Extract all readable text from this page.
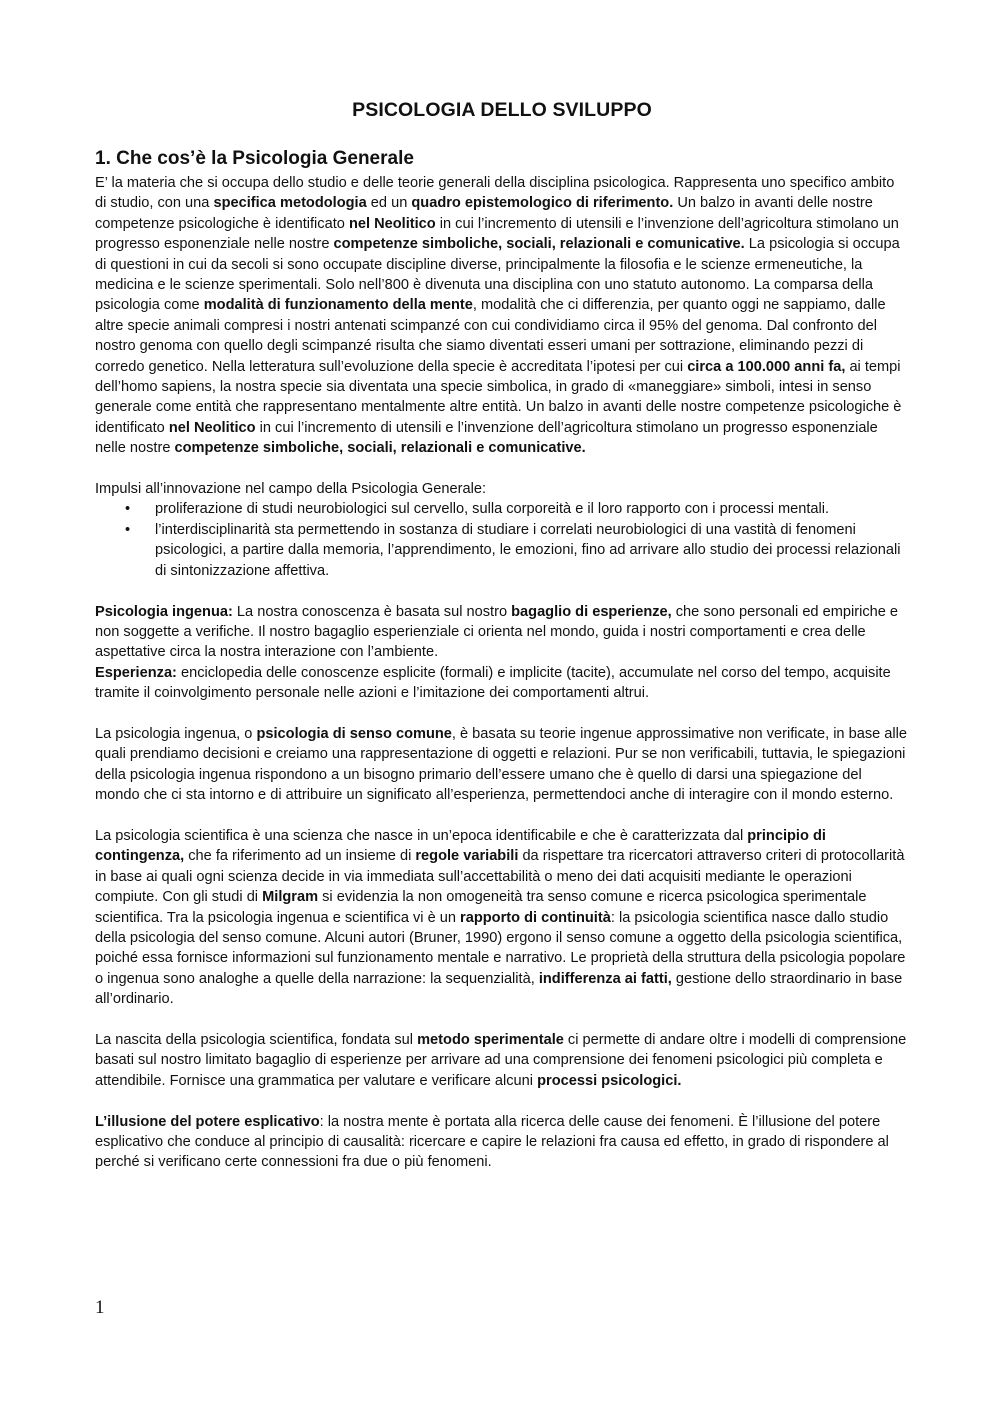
PSICOLOGIA DELLO SVILUPPO
1. Che cos’è la Psicologia Generale

E’ la materia che si occupa dello studio e delle teorie generali della disciplina psicologica. Rappresenta uno specifico ambito di studio, con una specifica metodologia ed un quadro epistemologico di riferimento. Un balzo in avanti delle nostre competenze psicologiche è identificato nel Neolitico in cui l’incremento di utensili e l’invenzione dell’agricoltura stimolano un progresso esponenziale nelle nostre competenze simboliche, sociali, relazionali e comunicative. La psicologia si occupa di questioni in cui da secoli si sono occupate discipline diverse, principalmente la filosofia e le scienze ermeneutiche, la medicina e le scienze sperimentali. Solo nell’800 è divenuta una disciplina con uno statuto autonomo. La comparsa della psicologia come modalità di funzionamento della mente, modalità che ci differenzia, per quanto oggi ne sappiamo, dalle altre specie animali compresi i nostri antenati scimpanzé con cui condividiamo circa il 95% del genoma. Dal confronto del nostro genoma con quello degli scimpanzé risulta che siamo diventati esseri umani per sottrazione, eliminando pezzi di corredo genetico. Nella letteratura sull’evoluzione della specie è accreditata l’ipotesi per cui circa a 100.000 anni fa, ai tempi dell’homo sapiens, la nostra specie sia diventata una specie simbolica, in grado di «maneggiare» simboli, intesi in senso generale come entità che rappresentano mentalmente altre entità. Un balzo in avanti delle nostre competenze psicologiche è identificato nel Neolitico in cui l’incremento di utensili e l’invenzione dell’agricoltura stimolano un progresso esponenziale nelle nostre competenze simboliche, sociali, relazionali e comunicative.

Impulsi all’innovazione nel campo della Psicologia Generale:

• proliferazione di studi neurobiologici sul cervello, sulla corporeità e il loro rapporto con i processi mentali.
• l’interdisciplinarità sta permettendo in sostanza di studiare i correlati neurobiologici di una vastità di fenomeni psicologici, a partire dalla memoria, l’apprendimento, le emozioni, fino ad arrivare allo studio dei processi relazionali di sintonizzazione affettiva.

Psicologia ingenua: La nostra conoscenza è basata sul nostro bagaglio di esperienze, che sono personali ed empiriche e non soggette a verifiche. Il nostro bagaglio esperienziale ci orienta nel mondo, guida i nostri comportamenti e crea delle aspettative circa la nostra interazione con l’ambiente.

Esperienza: enciclopedia delle conoscenze esplicite (formali) e implicite (tacite), accumulate nel corso del tempo, acquisite tramite il coinvolgimento personale nelle azioni e l’imitazione dei comportamenti altrui.

La psicologia ingenua, o psicologia di senso comune, è basata su teorie ingenue approssimative non verificate, in base alle quali prendiamo decisioni e creiamo una rappresentazione di oggetti e relazioni. Pur se non verificabili, tuttavia, le spiegazioni della psicologia ingenua rispondono a un bisogno primario dell’essere umano che è quello di darsi una spiegazione del mondo che ci sta intorno e di attribuire un significato all’esperienza, permettendoci anche di interagire con il mondo esterno.

La psicologia scientifica è una scienza che nasce in un’epoca identificabile e che è caratterizzata dal principio di contingenza, che fa riferimento ad un insieme di regole variabili da rispettare tra ricercatori attraverso criteri di protocollarità in base ai quali ogni scienza decide in via immediata sull’accettabilità o meno dei dati acquisiti mediante le operazioni compiute. Con gli studi di Milgram si evidenzia la non omogeneità tra senso comune e ricerca psicologica sperimentale scientifica. Tra la psicologia ingenua e scientifica vi è un rapporto di continuità: la psicologia scientifica nasce dallo studio della psicologia del senso comune. Alcuni autori (Bruner, 1990) ergono il senso comune a oggetto della psicologia scientifica, poiché essa fornisce informazioni sul funzionamento mentale e narrativo. Le proprietà della struttura della psicologia popolare o ingenua sono analoghe a quelle della narrazione: la sequenzialità, indifferenza ai fatti, gestione dello straordinario in base all’ordinario.

La nascita della psicologia scientifica, fondata sul metodo sperimentale ci permette di andare oltre i modelli di comprensione basati sul nostro limitato bagaglio di esperienze per arrivare ad una comprensione dei fenomeni psicologici più completa e attendibile. Fornisce una grammatica per valutare e verificare alcuni processi psicologici.

L’illusione del potere esplicativo: la nostra mente è portata alla ricerca delle cause dei fenomeni. È l’illusione del potere esplicativo che conduce al principio di causalità: ricercare e capire le relazioni fra causa ed effetto, in grado di rispondere al perché si verificano certe connessioni fra due o più fenomeni.

1
